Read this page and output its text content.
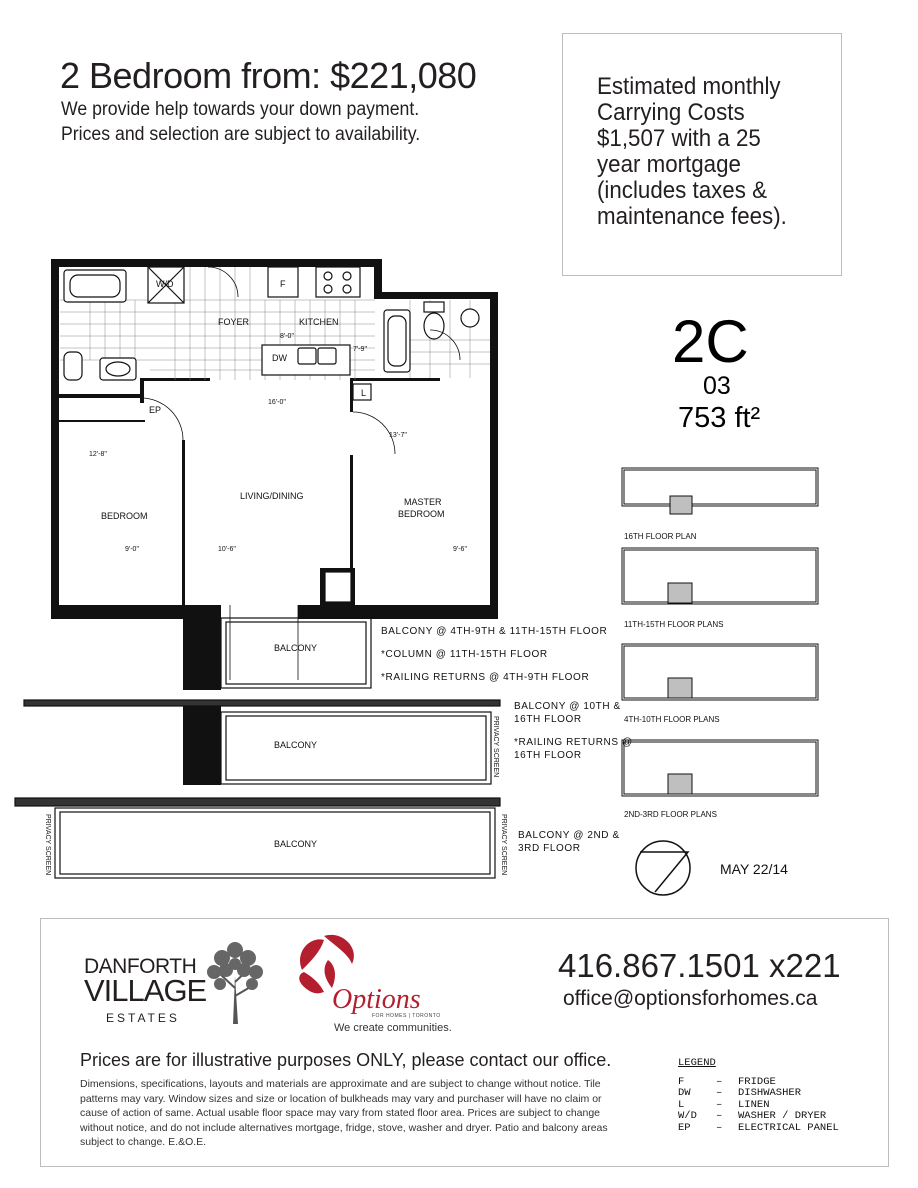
2 Bedroom from: $221,080
We provide help towards your down payment.
Prices and selection are subject to availability.
Estimated monthly
Carrying Costs
$1,507 with a 25
year mortgage
(includes taxes &
maintenance fees).
2C
03
753 ft²
W/D
FOYER
F
KITCHEN
DW
EP
L
8'-0"
7'-9"
16'-0"
12'-8"
13'-7"
LIVING/DINING
BEDROOM
MASTER
BEDROOM
9'-0"	10'-6"	9'-6"
BALCONY
BALCONY
BALCONY
PRIVACY SCREEN
PRIVACY SCREEN	PRIVACY SCREEN
BALCONY @ 4TH-9TH & 11TH-15TH FLOOR
*COLUMN @ 11TH-15TH FLOOR
*RAILING RETURNS @ 4TH-9TH FLOOR
BALCONY @ 10TH &
16TH FLOOR
*RAILING RETURNS @
16TH FLOOR
BALCONY @ 2ND &
3RD FLOOR
16TH FLOOR PLAN
11TH-15TH FLOOR PLANS
4TH-10TH FLOOR PLANS
2ND-3RD FLOOR PLANS
MAY 22/14
DANFORTH
VILLAGE
ESTATES
Options
FOR HOMES | TORONTO
We create communities.
416.867.1501 x221
office@optionsforhomes.ca
Prices are for illustrative purposes ONLY, please contact our office.
Dimensions, specifications, layouts and materials are approximate and are subject to change without notice. Tile patterns may vary. Window sizes and size or location of bulkheads may vary and purchaser will have no claim or cause of action of same. Actual usable floor space may vary from stated floor area. Prices are subject to change without notice, and do not include alternatives mortgage, fridge, stove, washer and dryer. Patio and balcony areas subject to change. E.&O.E.
LEGEND
F	–	FRIDGE
DW	–	DISHWASHER
L	–	LINEN
W/D	–	WASHER / DRYER
EP	–	ELECTRICAL PANEL
